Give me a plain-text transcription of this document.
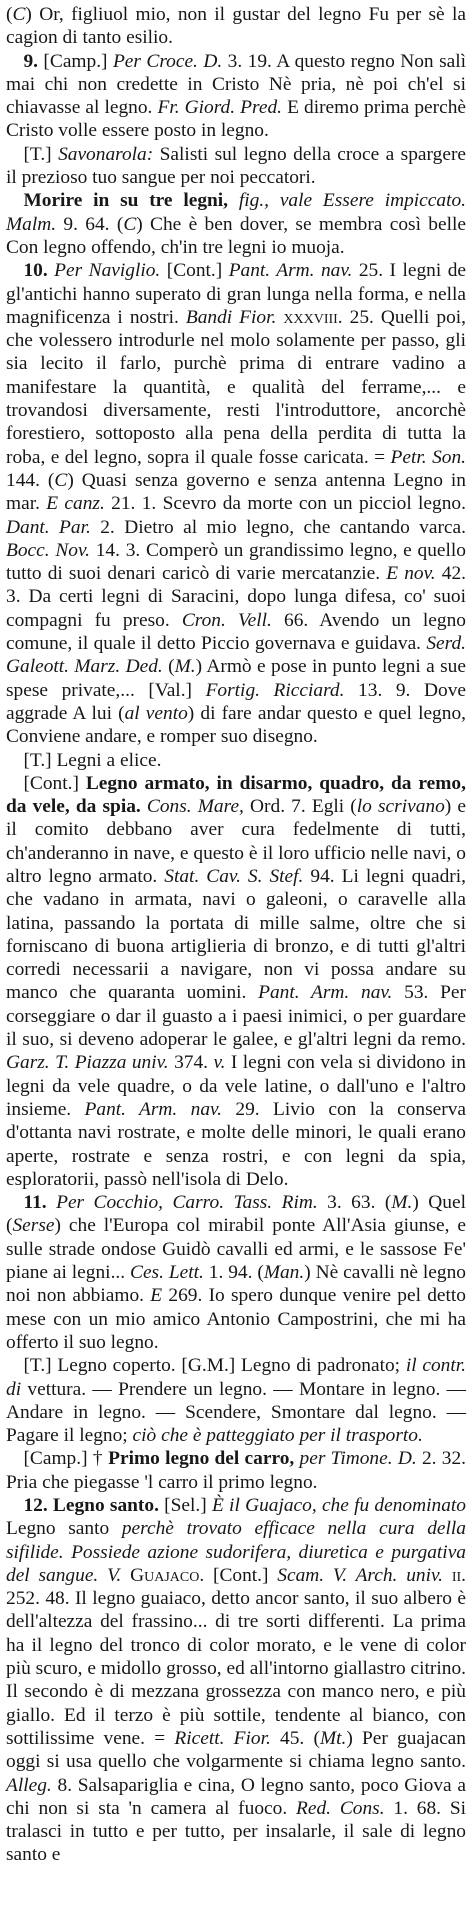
(C) Or, figliuol mio, non il gustar del legno Fu per sè la cagion di tanto esilio.

9. [Camp.] Per Croce. D. 3. 19. A questo regno Non salì mai chi non credette in Cristo Nè pria, nè poi ch'el si chiavasse al legno. Fr. Giord. Pred. E diremo prima perchè Cristo volle essere posto in legno.

[T.] Savonarola: Salisti sul legno della croce a spargere il prezioso tuo sangue per noi peccatori.

Morire in su tre legni, fig., vale Essere impiccato. Malm. 9. 64. (C) Che è ben dover, se membra così belle Con legno offendo, ch'in tre legni io muoja.

10. Per Naviglio. [Cont.] Pant. Arm. nav. 25. I legni de gl'antichi hanno superato di gran lunga nella forma, e nella magnificenza i nostri. Bandi Fior. xxxviii. 25. Quelli poi, che volessero introdurle nel molo solamente per passo, gli sia lecito il farlo, purchè prima di entrare vadino a manifestare la quantità, e qualità del ferrame,... e trovandosi diversamente, resti l'introduttore, ancorchè forestiero, sottoposto alla pena della perdita di tutta la roba, e del legno, sopra il quale fosse caricata. = Petr. Son. 144. (C) Quasi senza governo e senza antenna Legno in mar. E canz. 21. 1. Scevro da morte con un picciol legno. Dant. Par. 2. Dietro al mio legno, che cantando varca. Bocc. Nov. 14. 3. Comperò un grandissimo legno, e quello tutto di suoi denari caricò di varie mercatanzie. E nov. 42. 3. Da certi legni di Saracini, dopo lunga difesa, co' suoi compagni fu preso. Cron. Vell. 66. Avendo un legno comune, il quale il detto Piccio governava e guidava. Serd. Galeott. Marz. Ded. (M.) Armò e pose in punto legni a sue spese private,... [Val.] Fortig. Ricciard. 13. 9. Dove aggrade A lui (al vento) di fare andar questo e quel legno, Conviene andare, e romper suo disegno.

[T.] Legni a elice.

[Cont.] Legno armato, in disarmo, quadro, da remo, da vele, da spia. Cons. Mare, Ord. 7. Egli (lo scrivano) e il comito debbano aver cura fedelmente di tutti, ch'anderanno in nave, e questo è il loro ufficio nelle navi, o altro legno armato. Stat. Cav. S. Stef. 94. Li legni quadri, che vadano in armata, navi o galeoni, o caravelle alla latina, passando la portata di mille salme, oltre che si forniscano di buona artiglieria di bronzo, e di tutti gl'altri corredi necessarii a navigare, non vi possa andare su manco che quaranta uomini. Pant. Arm. nav. 53. Per corseggiare o dar il guasto a i paesi inimici, o per guardare il suo, si deveno adoperar le galee, e gl'altri legni da remo. Garz. T. Piazza univ. 374. v. I legni con vela si dividono in legni da vele quadre, o da vele latine, o dall'uno e l'altro insieme. Pant. Arm. nav. 29. Livio con la conserva d'ottanta navi rostrate, e molte delle minori, le quali erano aperte, rostrate e senza rostri, e con legni da spia, esploratorii, passò nell'isola di Delo.

11. Per Cocchio, Carro. Tass. Rim. 3. 63. (M.) Quel (Serse) che l'Europa col mirabil ponte All'Asia giunse, e sulle strade ondose Guidò cavalli ed armi, e le sassose Fe' piane ai legni... Ces. Lett. 1. 94. (Man.) Nè cavalli nè legno noi non abbiamo. E 269. Io spero dunque venire pel detto mese con un mio amico Antonio Campostrini, che mi ha offerto il suo legno.

[T.] Legno coperto. [G.M.] Legno di padronato; il contr. di vettura. — Prendere un legno. — Montare in legno. — Andare in legno. — Scendere, Smontare dal legno. — Pagare il legno; ciò che è patteggiato per il trasporto.

[Camp.] † Primo legno del carro, per Timone. D. 2. 32. Pria che piegasse 'l carro il primo legno.

12. Legno santo. [Sel.] È il Guajaco, che fu denominato Legno santo perchè trovato efficace nella cura della sifilide. Possiede azione sudorifera, diuretica e purgativa del sangue. V. Guajaco. [Cont.] Scam. V. Arch. univ. ii. 252. 48. Il legno guaiaco, detto ancor santo, il suo albero è dell'altezza del frassino... di tre sorti differenti. La prima ha il legno del tronco di color morato, e le vene di color più scuro, e midollo grosso, ed all'intorno giallastro citrino. Il secondo è di mezzana grossezza con manco nero, e più giallo. Ed il terzo è più sottile, tendente al bianco, con sottilissime vene. = Ricett. Fior. 45. (Mt.) Per guajacan oggi si usa quello che volgarmente si chiama legno santo. Alleg. 8. Salsapariglia e cina, O legno santo, poco Giova a chi non si sta 'n camera al fuoco. Red. Cons. 1. 68. Si tralasci in tutto e per tutto, per insalarle, il sale di legno santo e
